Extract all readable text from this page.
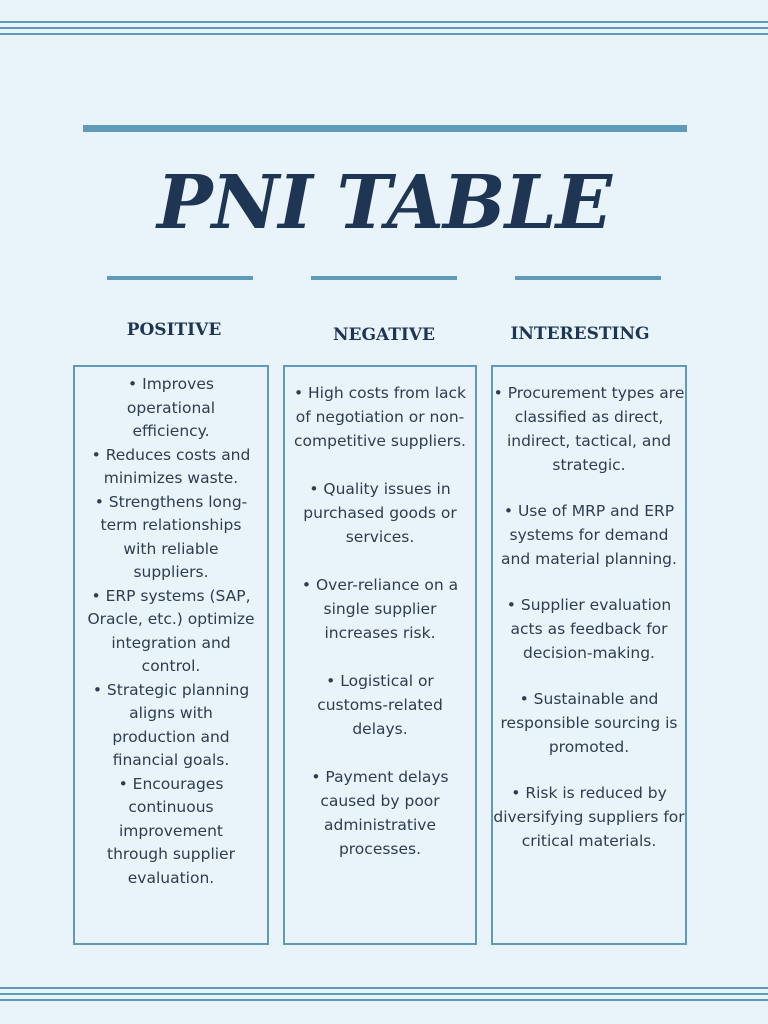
PNI TABLE
POSITIVE	NEGATIVE	INTERESTING
• Improves operational efficiency.
• Reduces costs and minimizes waste.
• Strengthens long-term relationships with reliable suppliers.
• ERP systems (SAP, Oracle, etc.) optimize integration and control.
• Strategic planning aligns with production and financial goals.
• Encourages continuous improvement through supplier evaluation.
• High costs from lack of negotiation or non-competitive suppliers.
• Quality issues in purchased goods or services.
• Over-reliance on a single supplier increases risk.
• Logistical or customs-related delays.
• Payment delays caused by poor administrative processes.
• Procurement types are classified as direct, indirect, tactical, and strategic.
• Use of MRP and ERP systems for demand and material planning.
• Supplier evaluation acts as feedback for decision-making.
• Sustainable and responsible sourcing is promoted.
• Risk is reduced by diversifying suppliers for critical materials.
